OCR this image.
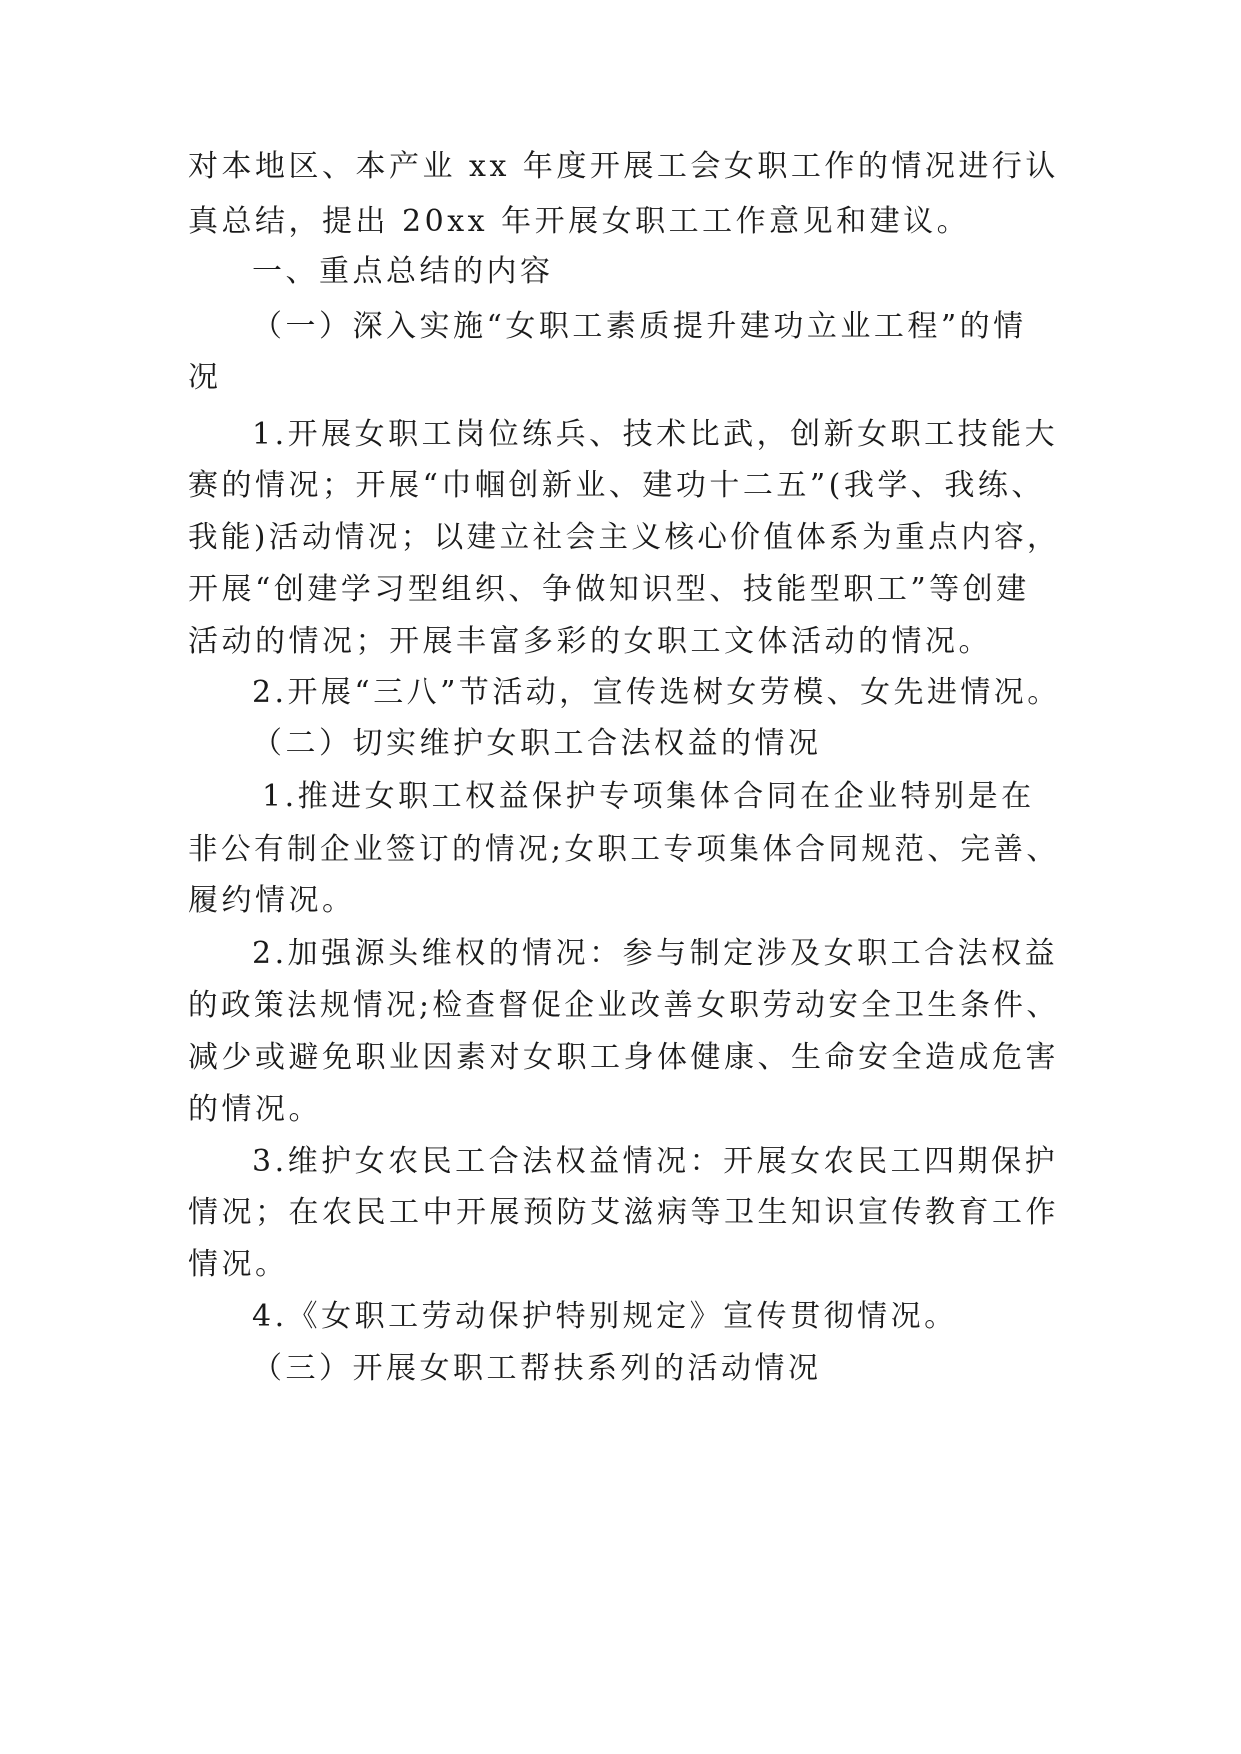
对本地区、本产业 xx 年度开展工会女职工作的情况进行认

真总结，提出 20xx 年开展女职工工作意见和建议。

一、重点总结的内容

（一）深入实施“女职工素质提升建功立业工程”的情

况

1.开展女职工岗位练兵、技术比武，创新女职工技能大

赛的情况；开展“巾帼创新业、建功十二五”(我学、我练、

我能)活动情况；以建立社会主义核心价值体系为重点内容，

开展“创建学习型组织、争做知识型、技能型职工”等创建

活动的情况；开展丰富多彩的女职工文体活动的情况。

2.开展“三八”节活动，宣传选树女劳模、女先进情况。

（二）切实维护女职工合法权益的情况

1.推进女职工权益保护专项集体合同在企业特别是在

非公有制企业签订的情况;女职工专项集体合同规范、完善、

履约情况。

2.加强源头维权的情况：参与制定涉及女职工合法权益

的政策法规情况;检查督促企业改善女职劳动安全卫生条件、

减少或避免职业因素对女职工身体健康、生命安全造成危害

的情况。

3.维护女农民工合法权益情况：开展女农民工四期保护

情况；在农民工中开展预防艾滋病等卫生知识宣传教育工作

情况。

4.《女职工劳动保护特别规定》宣传贯彻情况。

（三）开展女职工帮扶系列的活动情况
